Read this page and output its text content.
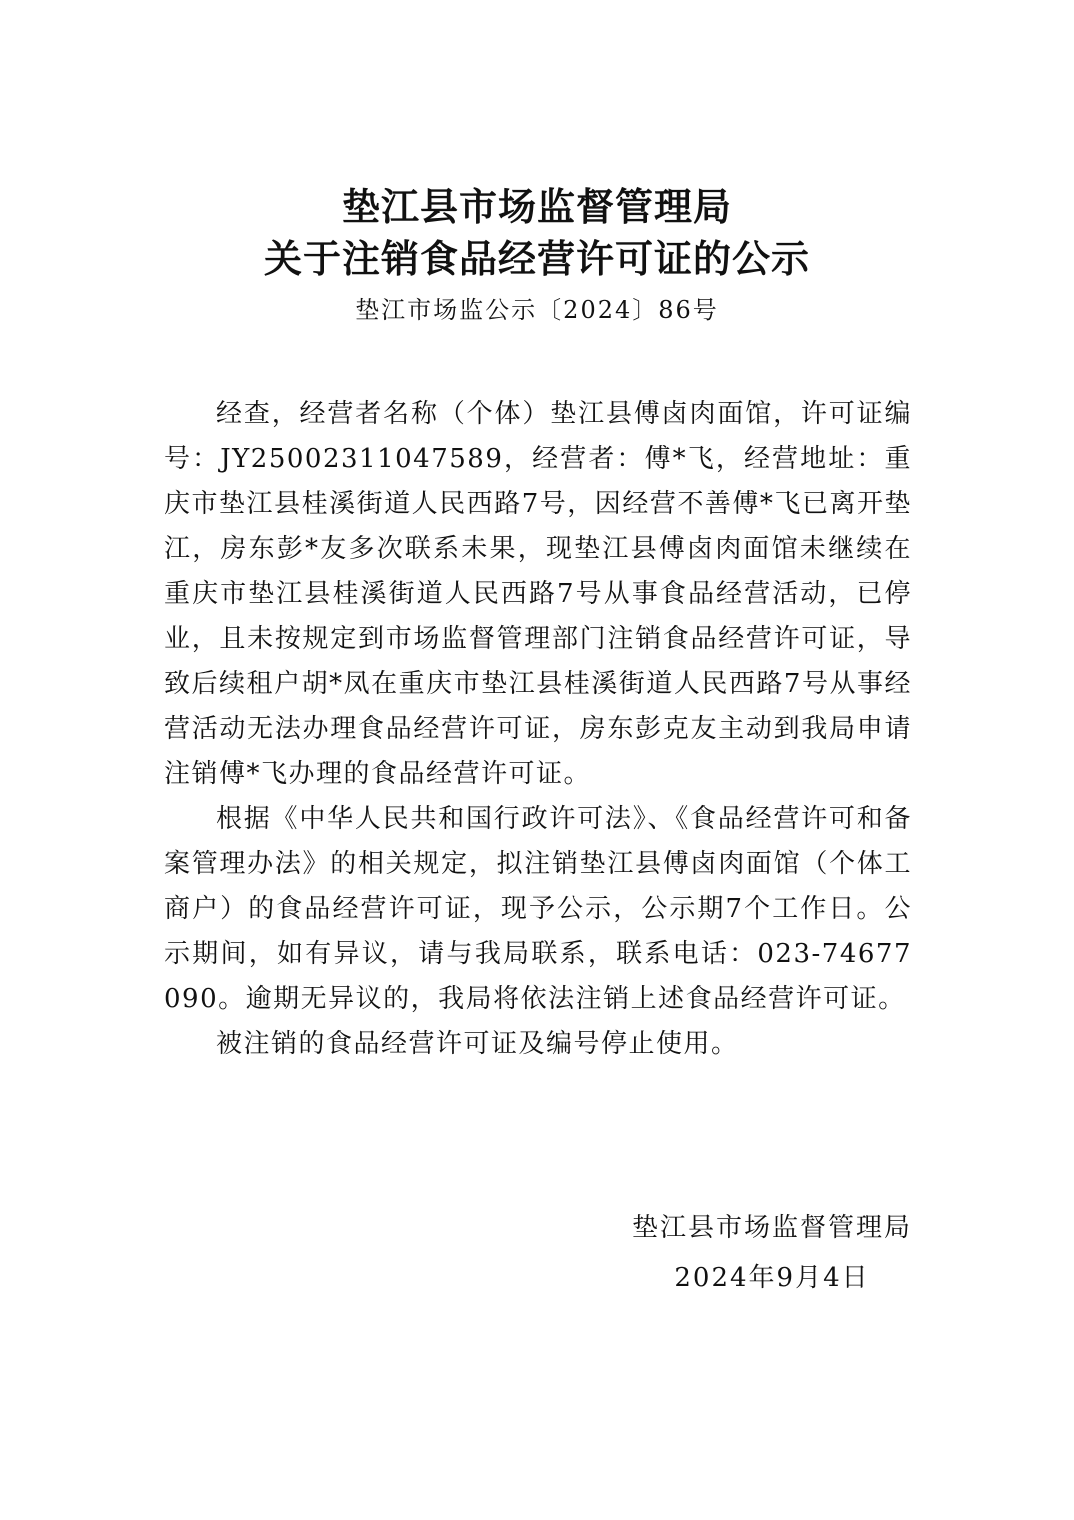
垫江县市场监督管理局
关于注销食品经营许可证的公示

垫江市场监公示〔2024〕86号

经查，经营者名称（个体）垫江县傅卤肉面馆，许可证编号：JY25002311047589，经营者：傅*飞，经营地址：重庆市垫江县桂溪街道人民西路7号，因经营不善傅*飞已离开垫江，房东彭*友多次联系未果，现垫江县傅卤肉面馆未继续在重庆市垫江县桂溪街道人民西路7号从事食品经营活动，已停业，且未按规定到市场监督管理部门注销食品经营许可证，导致后续租户胡*凤在重庆市垫江县桂溪街道人民西路7号从事经营活动无法办理食品经营许可证，房东彭克友主动到我局申请注销傅*飞办理的食品经营许可证。

根据《中华人民共和国行政许可法》、《食品经营许可和备案管理办法》的相关规定，拟注销垫江县傅卤肉面馆（个体工商户）的食品经营许可证，现予公示，公示期7个工作日。公示期间，如有异议，请与我局联系，联系电话：023-74677090。逾期无异议的，我局将依法注销上述食品经营许可证。

被注销的食品经营许可证及编号停止使用。

垫江县市场监督管理局

2024年9月4日
